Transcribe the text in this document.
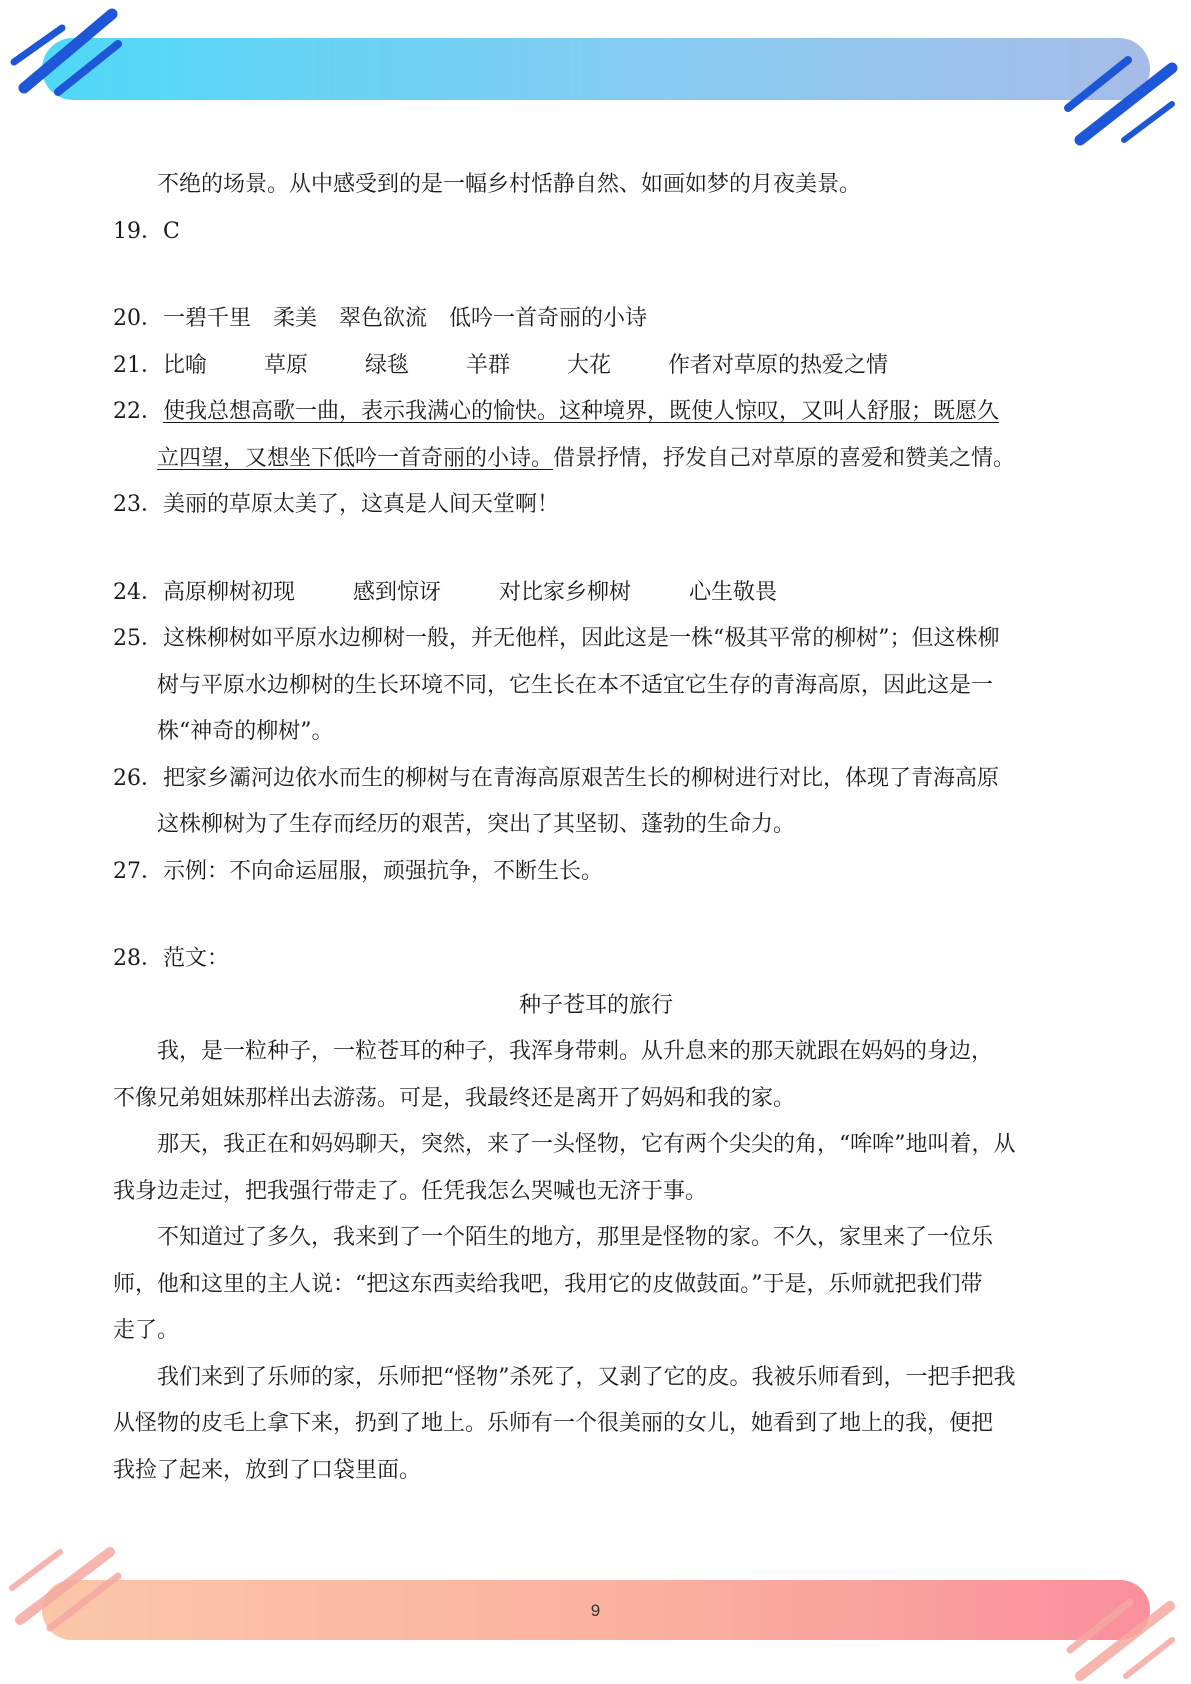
不绝的场景。从中感受到的是一幅乡村恬静自然、如画如梦的月夜美景。
19．C
20．一碧千里　柔美　翠色欲流　低吟一首奇丽的小诗
21．比喻	草原	绿毯	羊群	大花	作者对草原的热爱之情
22．使我总想高歌一曲，表示我满心的愉快。这种境界，既使人惊叹，又叫人舒服；既愿久
立四望，又想坐下低吟一首奇丽的小诗。借景抒情，抒发自己对草原的喜爱和赞美之情。
23．美丽的草原太美了，这真是人间天堂啊！
24．高原柳树初现	感到惊讶	对比家乡柳树	心生敬畏
25．这株柳树如平原水边柳树一般，并无他样，因此这是一株“极其平常的柳树”；但这株柳
树与平原水边柳树的生长环境不同，它生长在本不适宜它生存的青海高原，因此这是一
株“神奇的柳树”。
26．把家乡灞河边依水而生的柳树与在青海高原艰苦生长的柳树进行对比，体现了青海高原
这株柳树为了生存而经历的艰苦，突出了其坚韧、蓬勃的生命力。
27．示例：不向命运屈服，顽强抗争，不断生长。
28．范文：
种子苍耳的旅行
我，是一粒种子，一粒苍耳的种子，我浑身带刺。从升息来的那天就跟在妈妈的身边，
不像兄弟姐妹那样出去游荡。可是，我最终还是离开了妈妈和我的家。
那天，我正在和妈妈聊天，突然，来了一头怪物，它有两个尖尖的角，“哞哞”地叫着，从
我身边走过，把我强行带走了。任凭我怎么哭喊也无济于事。
不知道过了多久，我来到了一个陌生的地方，那里是怪物的家。不久，家里来了一位乐
师，他和这里的主人说：“把这东西卖给我吧，我用它的皮做鼓面。”于是，乐师就把我们带
走了。
我们来到了乐师的家，乐师把“怪物”杀死了，又剥了它的皮。我被乐师看到，一把手把我
从怪物的皮毛上拿下来，扔到了地上。乐师有一个很美丽的女儿，她看到了地上的我，便把
我捡了起来，放到了口袋里面。
9
